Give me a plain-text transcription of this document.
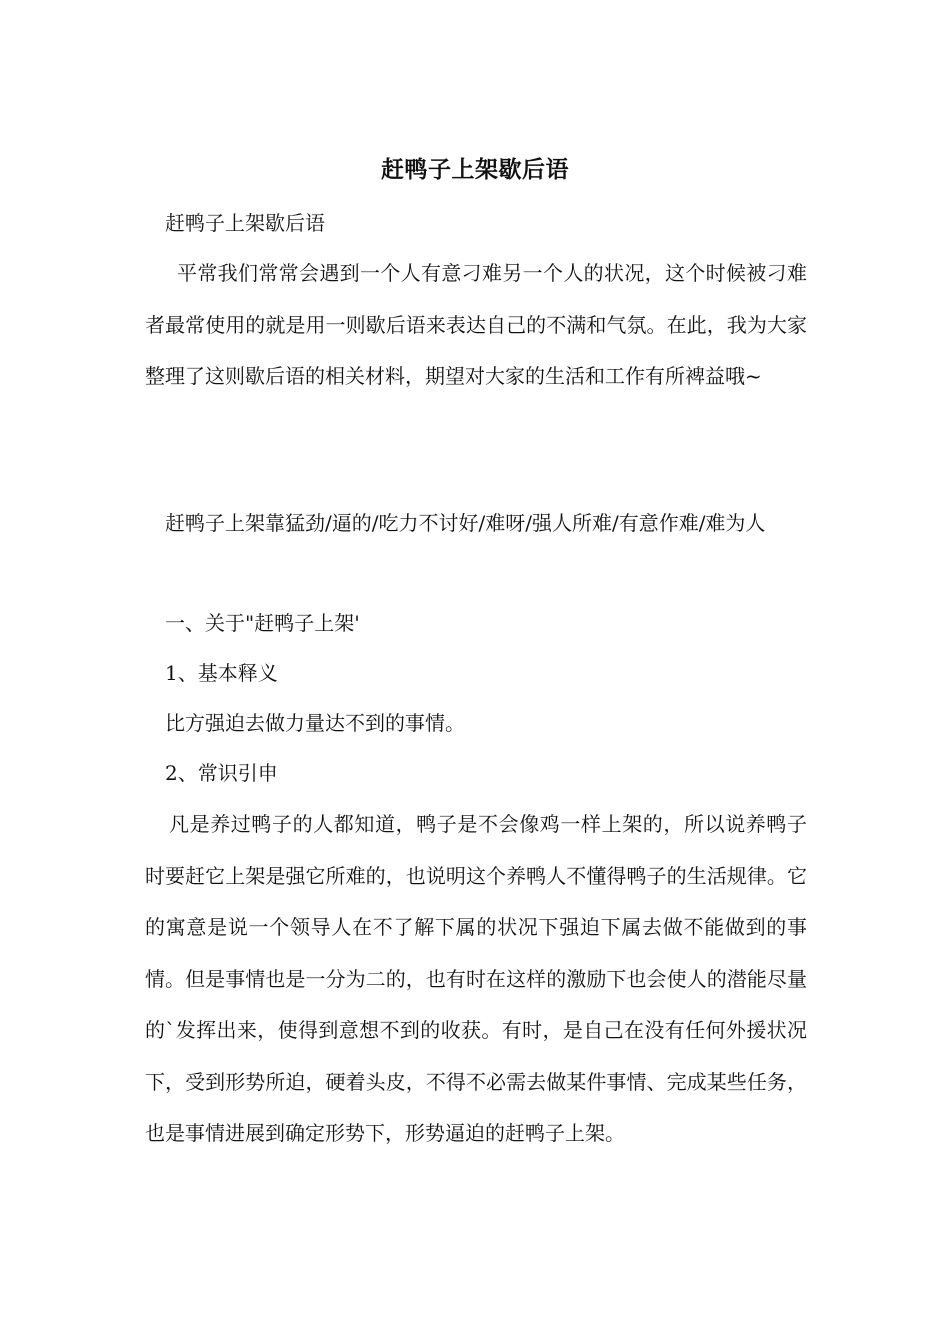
赶鸭子上架歇后语

赶鸭子上架歇后语

平常我们常常会遇到一个人有意刁难另一个人的状况，这个时候被刁难者最常使用的就是用一则歇后语来表达自己的不满和气氛。在此，我为大家整理了这则歇后语的相关材料，期望对大家的生活和工作有所裨益哦~

赶鸭子上架靠猛劲/逼的/吃力不讨好/难呀/强人所难/有意作难/难为人

一、关于"赶鸭子上架'

1、基本释义

比方强迫去做力量达不到的事情。

2、常识引申

凡是养过鸭子的人都知道，鸭子是不会像鸡一样上架的，所以说养鸭子时要赶它上架是强它所难的，也说明这个养鸭人不懂得鸭子的生活规律。它的寓意是说一个领导人在不了解下属的状况下强迫下属去做不能做到的事情。但是事情也是一分为二的，也有时在这样的激励下也会使人的潜能尽量的`发挥出来，使得到意想不到的收获。有时，是自己在没有任何外援状况下，受到形势所迫，硬着头皮，不得不必需去做某件事情、完成某些任务，也是事情进展到确定形势下，形势逼迫的赶鸭子上架。
